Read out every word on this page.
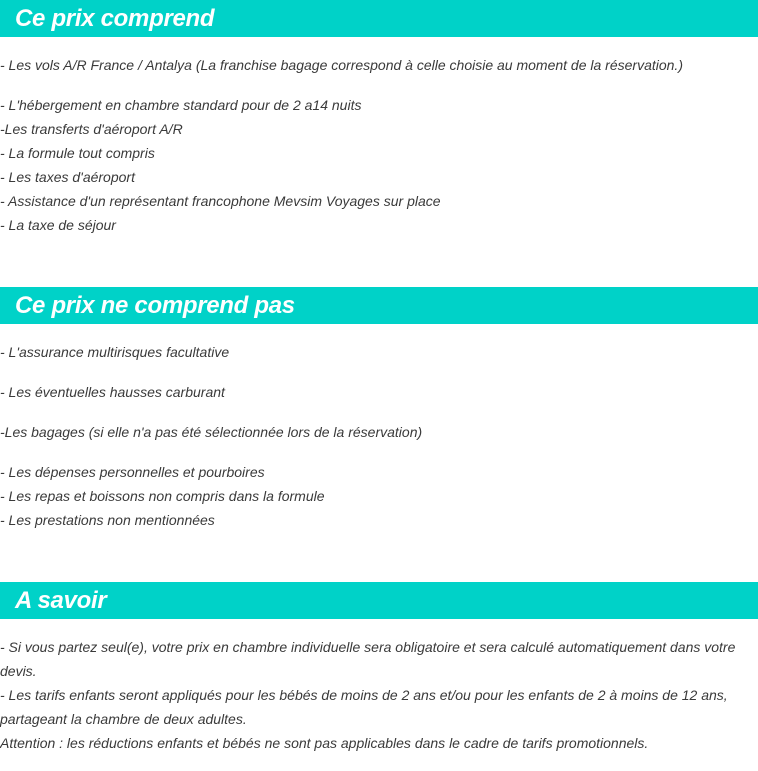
Ce prix comprend
- Les vols A/R France / Antalya (La franchise bagage correspond à celle choisie au moment de la réservation.)
- L'hébergement en chambre standard pour de 2 a14 nuits
-Les transferts d'aéroport A/R
- La formule tout compris
- Les taxes d'aéroport
- Assistance d'un représentant francophone Mevsim Voyages sur place
- La taxe de séjour
Ce prix ne comprend pas
- L'assurance multirisques facultative
- Les éventuelles hausses carburant
-Les bagages (si elle n'a pas été sélectionnée lors de la réservation)
- Les dépenses personnelles et pourboires
- Les repas et boissons non compris dans la formule
- Les prestations non mentionnées
A savoir
- Si vous partez seul(e), votre prix en chambre individuelle sera obligatoire et sera calculé automatiquement dans votre devis.
- Les tarifs enfants seront appliqués pour les bébés de moins de 2 ans et/ou pour les enfants de 2 à moins de 12 ans, partageant la chambre de deux adultes.
Attention : les réductions enfants et bébés ne sont pas applicables dans le cadre de tarifs promotionnels.
